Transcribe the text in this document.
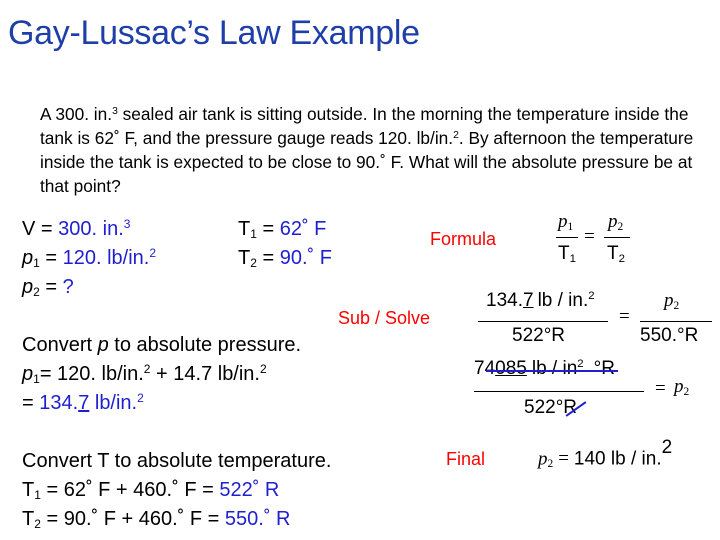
Gay-Lussac’s Law Example
A 300. in.$^3$ sealed air tank is sitting outside. In the morning the temperature inside the tank is 62˚ F, and the pressure gauge reads 120. lb/in.$^2$. By afternoon the temperature inside the tank is expected to be close to 90.˚ F. What will the absolute pressure be at that point?
V = 300. in.$^3$
$p_1 = 120$. lb/in.$^2$
$p_2$ = ?
$T_1$ = 62˚ F
$T_2$ = 90.˚ F
Convert p to absolute pressure.
$p_1= 120$. lb/in.$^2$ + 14.7 lb/in.$^2$
= 134.7 lb/in.$^2$
Convert T to absolute temperature.
$T_1$ = 62˚ F + 460.˚ F = 522˚ R
$T_2$ = 90.˚ F + 460.˚ F = 550.˚ R
Formula
Sub / Solve
Final
$p_1$
$T_1$
=
$p_2$
$T_2$
134.7 lb / in.$^2$
522°R
=
$p_2$
550.°R
74085 lb / $in^2$ °R
522°R
= $p_2$
$p_2 = 140$ lb / in.$^2$
